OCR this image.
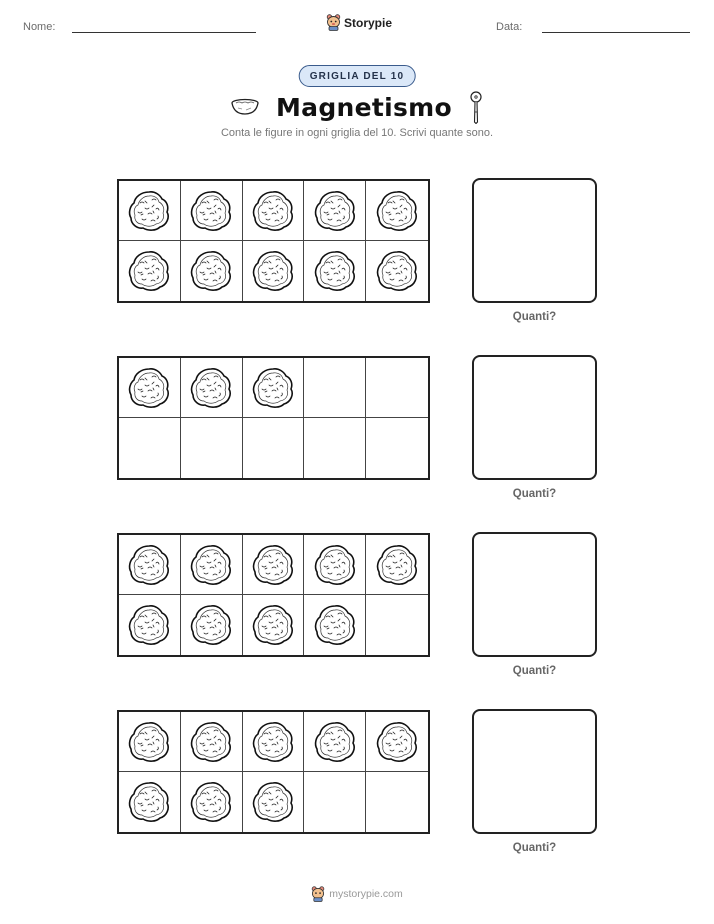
Nome:	Storypie	Data:
GRIGLIA DEL 10
Magnetismo
Conta le figure in ogni griglia del 10. Scrivi quante sono.
Quanti?
Quanti?
Quanti?
Quanti?
mystorypie.com
